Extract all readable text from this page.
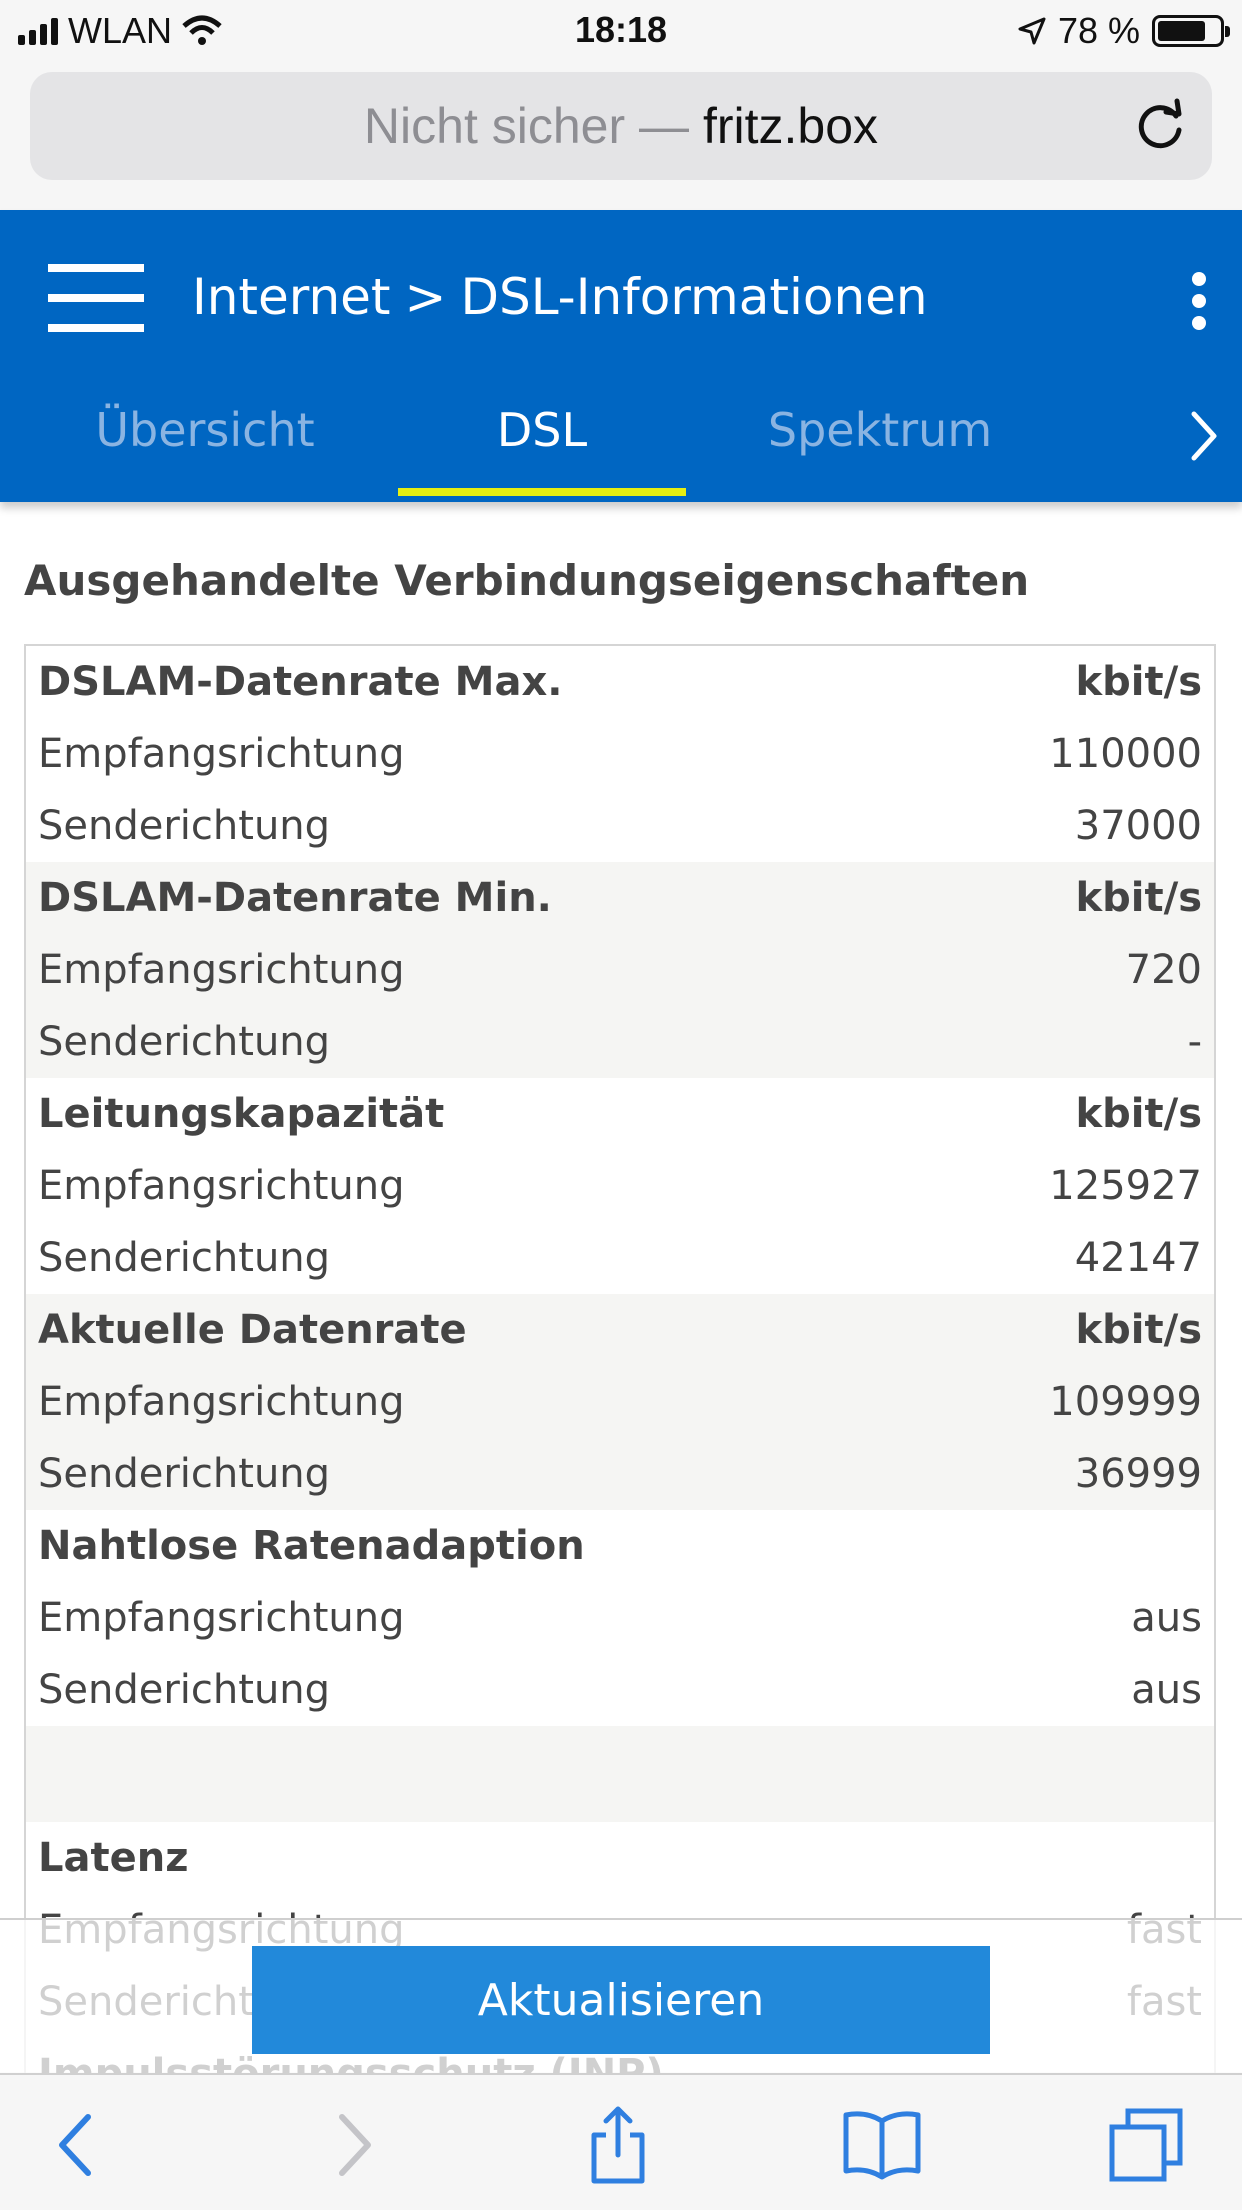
WLAN	18:18	78 %
Nicht sicher — fritz.box
Internet > DSL-Informationen
Übersicht	DSL	Spektrum
Ausgehandelte Verbindungseigenschaften
DSLAM-Datenrate Max.	kbit/s
Empfangsrichtung	110000
Senderichtung	37000
DSLAM-Datenrate Min.	kbit/s
Empfangsrichtung	720
Senderichtung	-
Leitungskapazität	kbit/s
Empfangsrichtung	125927
Senderichtung	42147
Aktuelle Datenrate	kbit/s
Empfangsrichtung	109999
Senderichtung	36999
Nahtlose Ratenadaption
Empfangsrichtung	aus
Senderichtung	aus
Latenz
Aktualisieren
